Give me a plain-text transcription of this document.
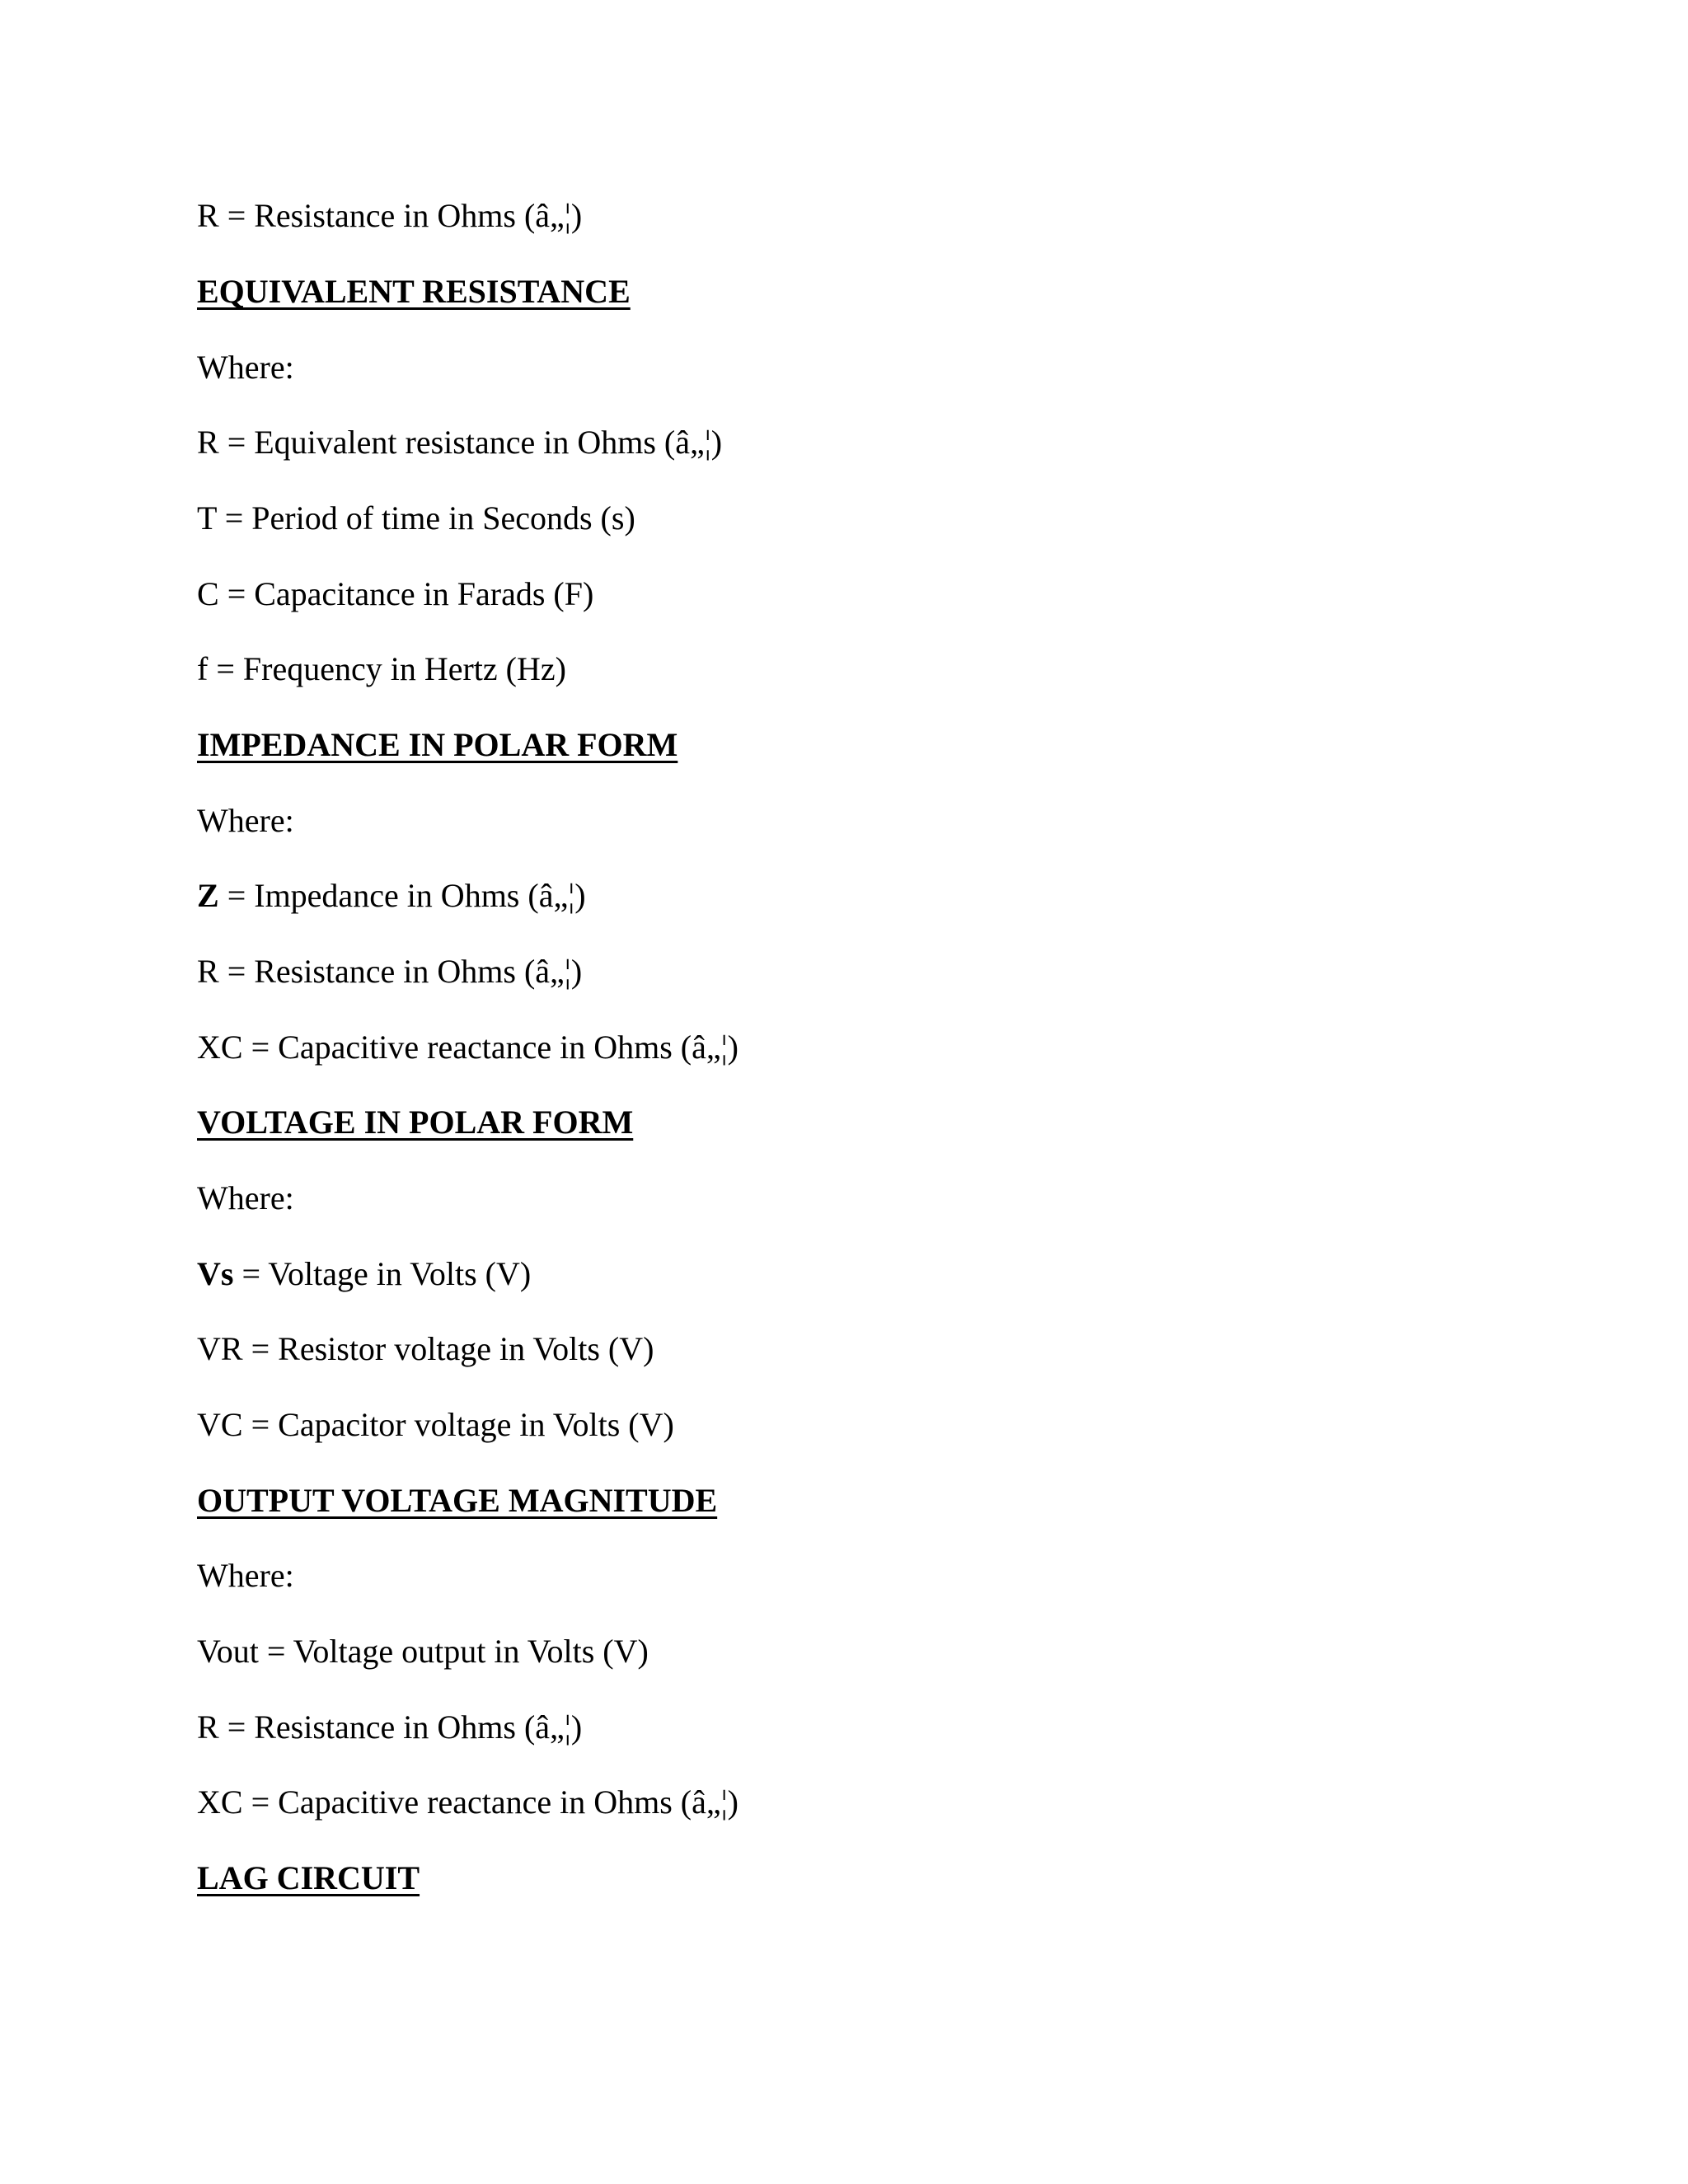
R = Resistance in Ohms (â„¦)
EQUIVALENT RESISTANCE
Where:
R = Equivalent resistance in Ohms (â„¦)
T = Period of time in Seconds (s)
C = Capacitance in Farads (F)
f = Frequency in Hertz (Hz)
IMPEDANCE IN POLAR FORM
Where:
Z = Impedance in Ohms (â„¦)
R = Resistance in Ohms (â„¦)
XC = Capacitive reactance in Ohms (â„¦)
VOLTAGE IN POLAR FORM
Where:
Vs = Voltage in Volts (V)
VR = Resistor voltage in Volts (V)
VC = Capacitor voltage in Volts (V)
OUTPUT VOLTAGE MAGNITUDE
Where:
Vout = Voltage output in Volts (V)
R = Resistance in Ohms (â„¦)
XC = Capacitive reactance in Ohms (â„¦)
LAG CIRCUIT
